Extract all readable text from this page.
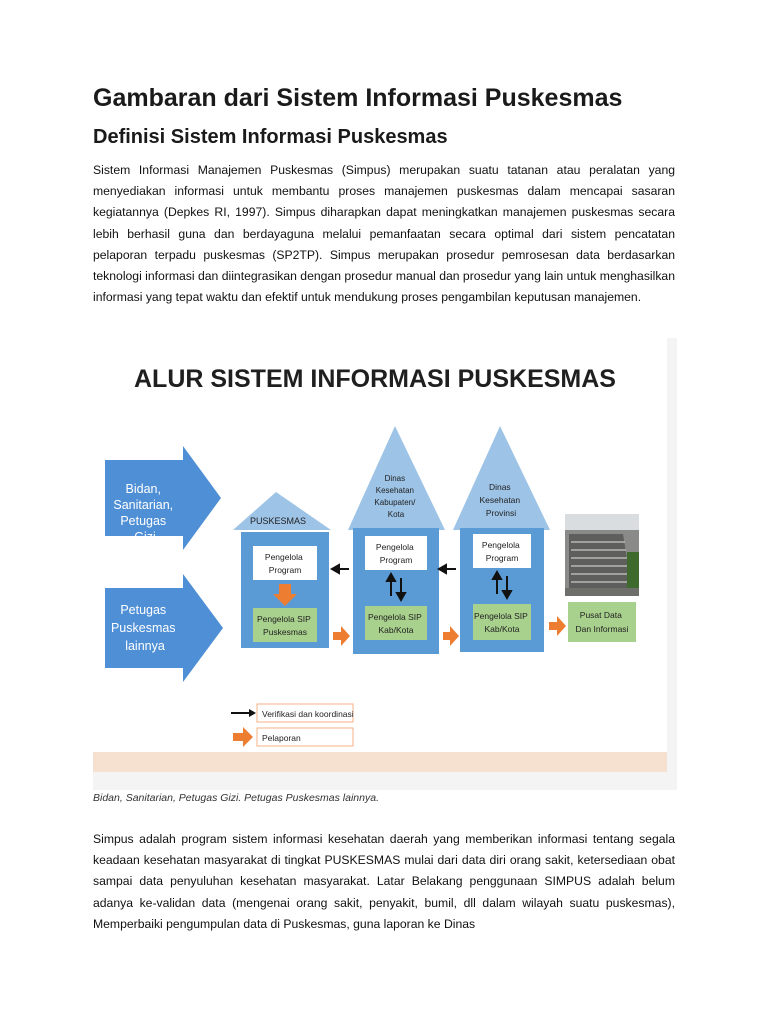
Gambaran dari Sistem Informasi Puskesmas
Definisi Sistem Informasi Puskesmas

Sistem Informasi Manajemen Puskesmas (Simpus) merupakan suatu tatanan atau peralatan yang menyediakan informasi untuk membantu proses manajemen puskesmas dalam mencapai sasaran kegiatannya (Depkes RI, 1997). Simpus diharapkan dapat meningkatkan manajemen puskesmas secara lebih berhasil guna dan berdayaguna melalui pemanfaatan secara optimal dari sistem pencatatan pelaporan terpadu puskesmas (SP2TP). Simpus merupakan prosedur pemrosesan data berdasarkan teknologi informasi dan diintegrasikan dengan prosedur manual dan prosedur yang lain untuk menghasilkan informasi yang tepat waktu dan efektif untuk mendukung proses pengambilan keputusan manajemen.

ALUR SISTEM INFORMASI PUSKESMAS
Bidan, Sanitarian, Petugas Gizi
Petugas Puskesmas lainnya
PUSKESMAS
Pengelola Program
Pengelola SIP Puskesmas
Dinas Kesehatan Kabupaten/ Kota
Pengelola Program
Pengelola SIP Kab/Kota
Dinas Kesehatan Provinsi
Pengelola Program
Pengelola SIP Kab/Kota
Pusat Data Dan Informasi
Verifikasi dan koordinasi
Pelaporan
Bidan, Sanitarian, Petugas Gizi. Petugas Puskesmas lainnya.

Simpus adalah program sistem informasi kesehatan daerah yang memberikan informasi tentang segala keadaan kesehatan masyarakat di tingkat PUSKESMAS mulai dari data diri orang sakit, ketersediaan obat sampai data penyuluhan kesehatan masyarakat. Latar Belakang penggunaan SIMPUS adalah belum adanya ke-validan data (mengenai orang sakit, penyakit, bumil, dll dalam wilayah suatu puskesmas), Memperbaiki pengumpulan data di Puskesmas, guna laporan ke Dinas
